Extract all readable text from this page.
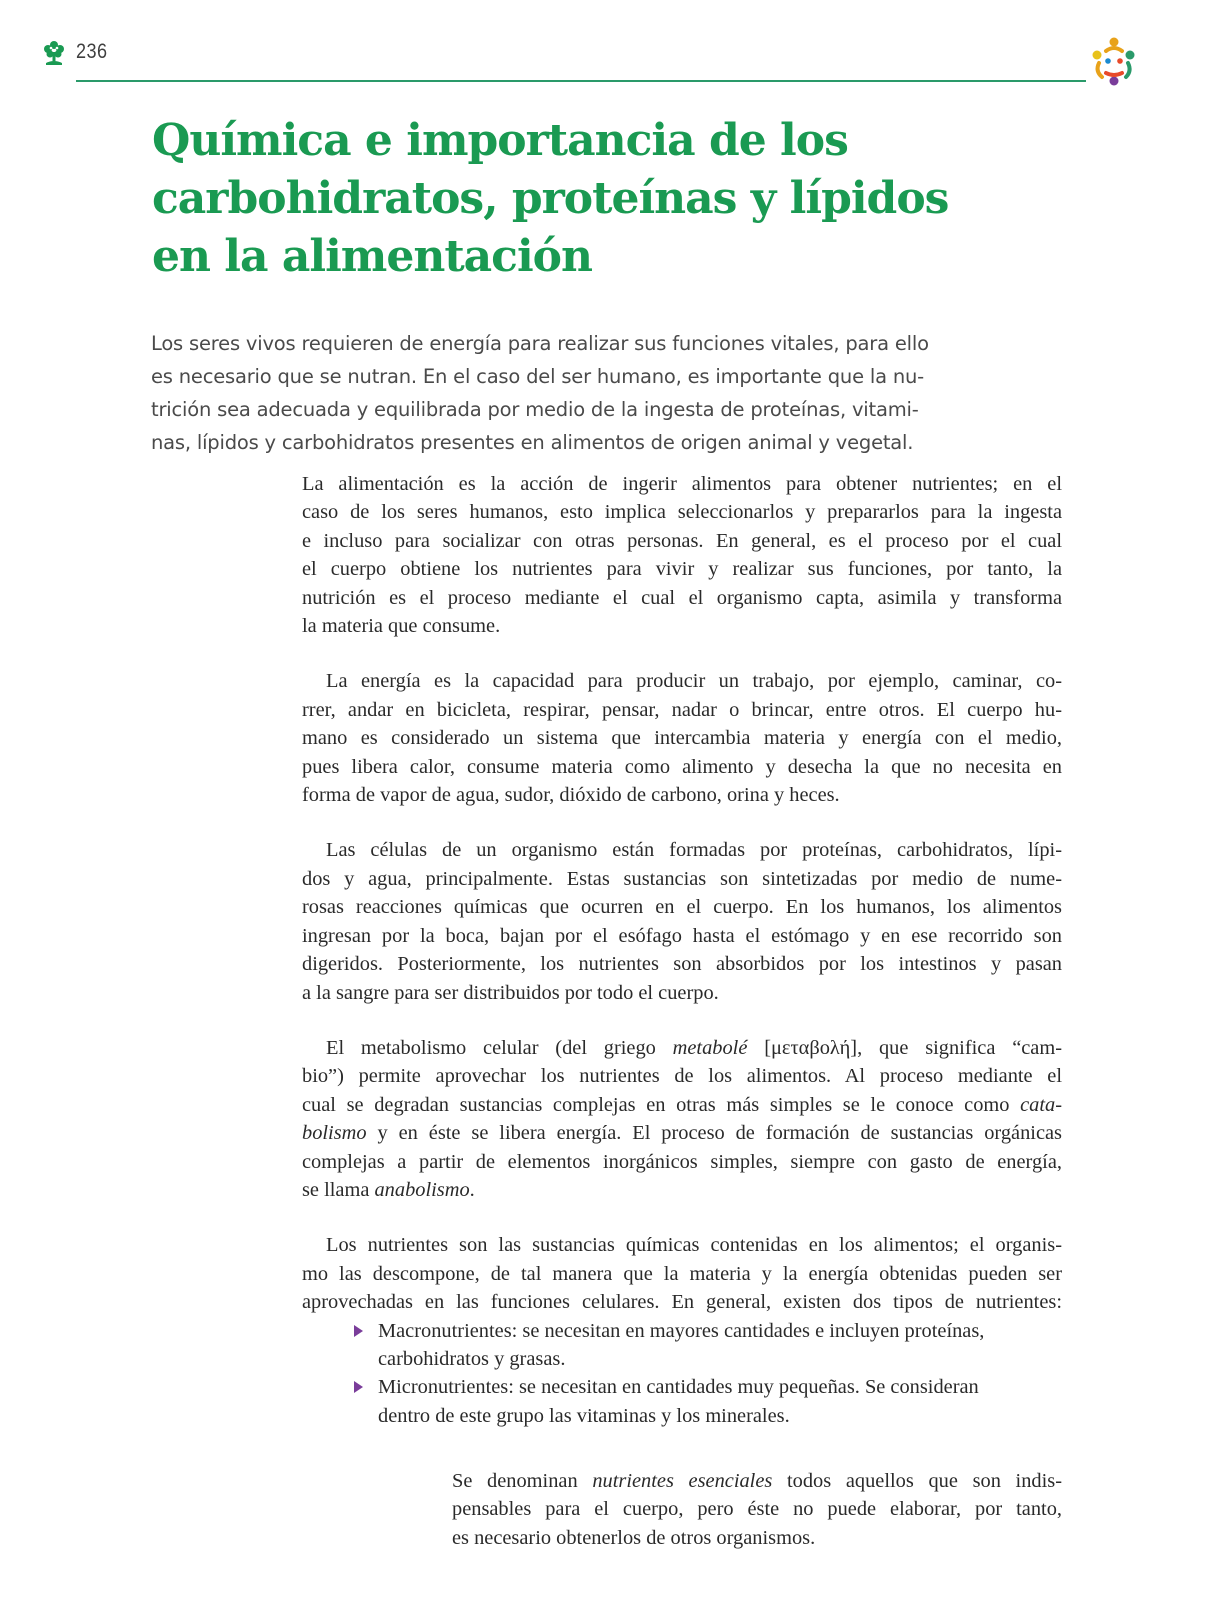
236
Química e importancia de los
carbohidratos, proteínas y lípidos
en la alimentación

Los seres vivos requieren de energía para realizar sus funciones vitales, para ello
es necesario que se nutran. En el caso del ser humano, es importante que la nu-
trición sea adecuada y equilibrada por medio de la ingesta de proteínas, vitami-
nas, lípidos y carbohidratos presentes en alimentos de origen animal y vegetal.

La alimentación es la acción de ingerir alimentos para obtener nutrientes; en el
caso de los seres humanos, esto implica seleccionarlos y prepararlos para la ingesta
e incluso para socializar con otras personas. En general, es el proceso por el cual
el cuerpo obtiene los nutrientes para vivir y realizar sus funciones, por tanto, la
nutrición es el proceso mediante el cual el organismo capta, asimila y transforma
la materia que consume.

La energía es la capacidad para producir un trabajo, por ejemplo, caminar, co-
rrer, andar en bicicleta, respirar, pensar, nadar o brincar, entre otros. El cuerpo hu-
mano es considerado un sistema que intercambia materia y energía con el medio,
pues libera calor, consume materia como alimento y desecha la que no necesita en
forma de vapor de agua, sudor, dióxido de carbono, orina y heces.

Las células de un organismo están formadas por proteínas, carbohidratos, lípi-
dos y agua, principalmente. Estas sustancias son sintetizadas por medio de nume-
rosas reacciones químicas que ocurren en el cuerpo. En los humanos, los alimentos
ingresan por la boca, bajan por el esófago hasta el estómago y en ese recorrido son
digeridos. Posteriormente, los nutrientes son absorbidos por los intestinos y pasan
a la sangre para ser distribuidos por todo el cuerpo.

El metabolismo celular (del griego metabolé [μεταβολή], que significa “cam-
bio”) permite aprovechar los nutrientes de los alimentos. Al proceso mediante el
cual se degradan sustancias complejas en otras más simples se le conoce como cata-
bolismo y en éste se libera energía. El proceso de formación de sustancias orgánicas
complejas a partir de elementos inorgánicos simples, siempre con gasto de energía,
se llama anabolismo.

Los nutrientes son las sustancias químicas contenidas en los alimentos; el organis-
mo las descompone, de tal manera que la materia y la energía obtenidas pueden ser
aprovechadas en las funciones celulares. En general, existen dos tipos de nutrientes:

Macronutrientes: se necesitan en mayores cantidades e incluyen proteínas,
carbohidratos y grasas.
Micronutrientes: se necesitan en cantidades muy pequeñas. Se consideran
dentro de este grupo las vitaminas y los minerales.

Se denominan nutrientes esenciales todos aquellos que son indis-
pensables para el cuerpo, pero éste no puede elaborar, por tanto,
es necesario obtenerlos de otros organismos.
